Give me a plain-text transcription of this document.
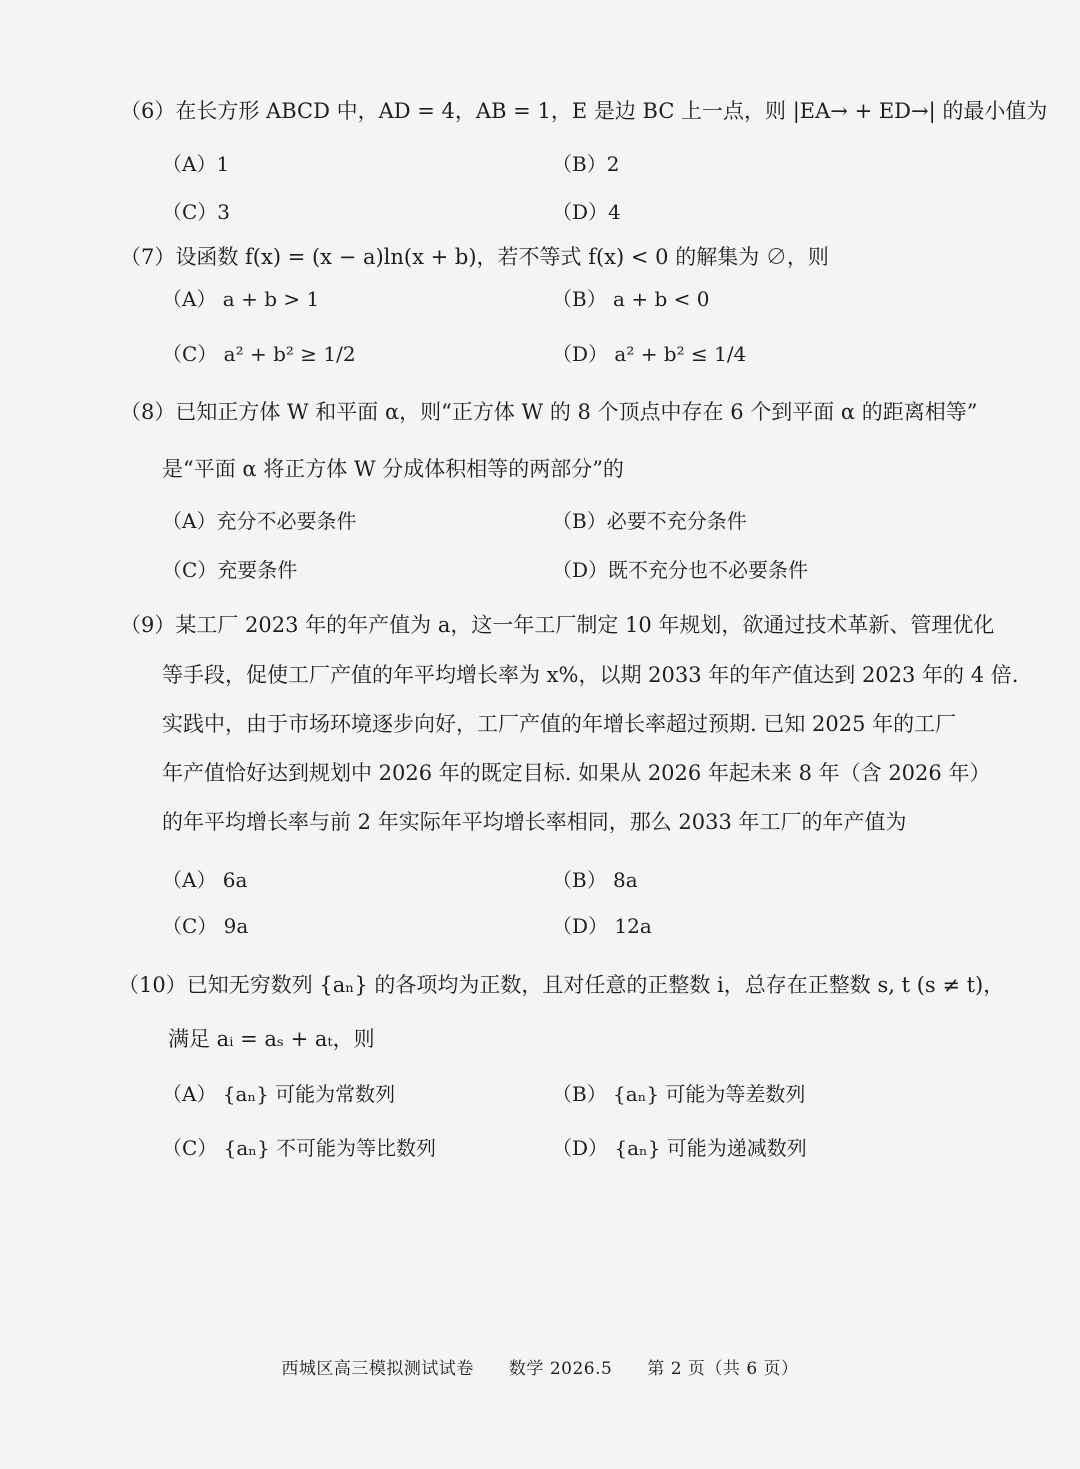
（6）在长方形 ABCD 中，AD = 4，AB = 1，E 是边 BC 上一点，则 |EA→ + ED→| 的最小值为
（A）1	（B）2
（C）3	（D）4
（7）设函数 f(x) = (x − a)ln(x + b)，若不等式 f(x) < 0 的解集为 ∅，则
（A） a + b > 1	（B） a + b < 0
（C） a² + b² ≥ 1/2	（D） a² + b² ≤ 1/4
（8）已知正方体 W 和平面 α，则“正方体 W 的 8 个顶点中存在 6 个到平面 α 的距离相等”
是“平面 α 将正方体 W 分成体积相等的两部分”的
（A）充分不必要条件	（B）必要不充分条件
（C）充要条件	（D）既不充分也不必要条件
（9）某工厂 2023 年的年产值为 a，这一年工厂制定 10 年规划，欲通过技术革新、管理优化
等手段，促使工厂产值的年平均增长率为 x%，以期 2033 年的年产值达到 2023 年的 4 倍.
实践中，由于市场环境逐步向好，工厂产值的年增长率超过预期. 已知 2025 年的工厂
年产值恰好达到规划中 2026 年的既定目标. 如果从 2026 年起未来 8 年（含 2026 年）
的年平均增长率与前 2 年实际年平均增长率相同，那么 2033 年工厂的年产值为
（A） 6a	（B） 8a
（C） 9a	（D） 12a
（10）已知无穷数列 {aₙ} 的各项均为正数，且对任意的正整数 i，总存在正整数 s, t (s ≠ t)，
满足 aᵢ = aₛ + aₜ，则
（A） {aₙ} 可能为常数列	（B） {aₙ} 可能为等差数列
（C） {aₙ} 不可能为等比数列	（D） {aₙ} 可能为递减数列
西城区高三模拟测试试卷　　数学 2026.5　　第 2 页（共 6 页）
